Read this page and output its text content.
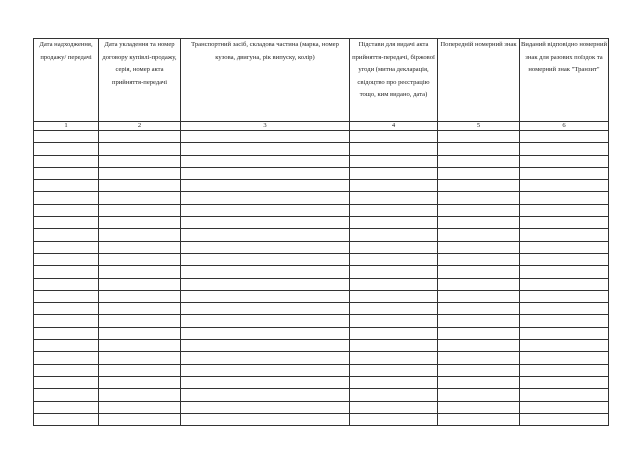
Дата надходження, продажу/ передачі	Дата укладення та номер договору купівлі-продажу, серія, номер акта прийняття-передачі	Транспортний засіб, складова частина (марка, номер кузова, двигуна, рік випуску, колір)	Підстави для видачі акта прийняття-передачі, біржової угоди (митна декларація, свідоцтво про реєстрацію тощо, ким видано, дата)	Попередній номерний знак	Виданий відповідно номерний знак для разових поїздок та номерний знак "Транзит"
1	2	3	4	5	6
